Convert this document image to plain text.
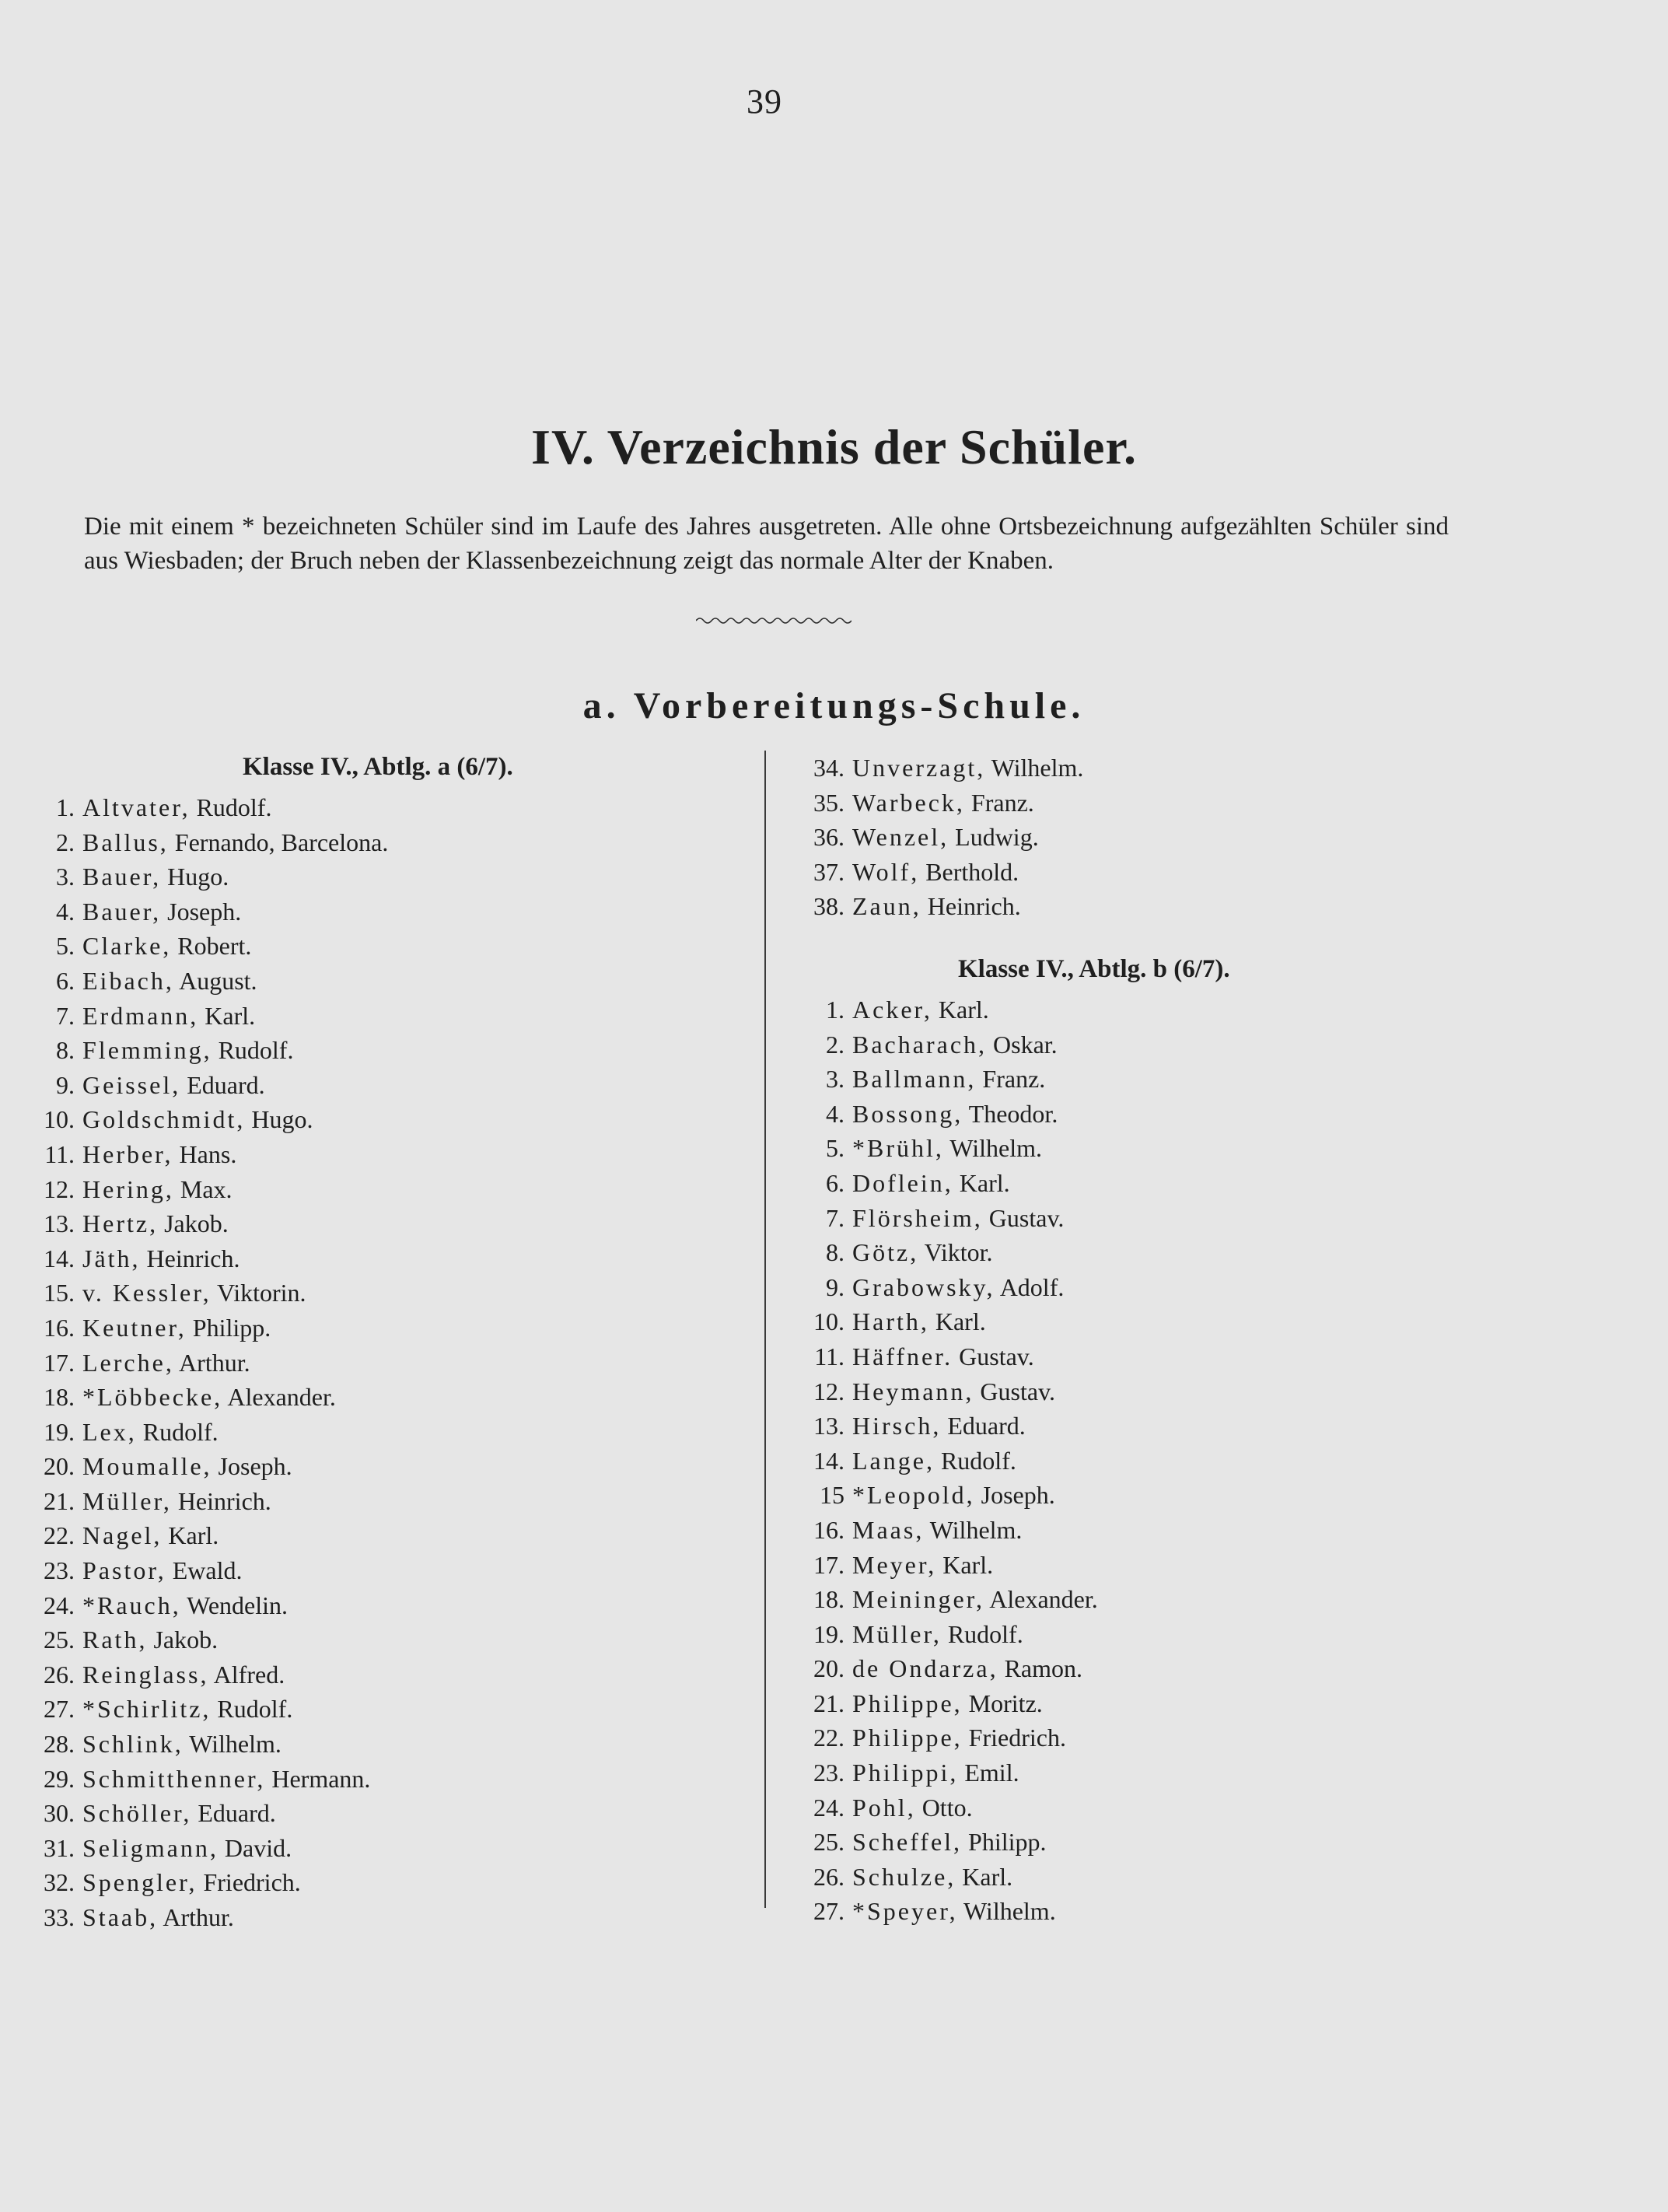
39
IV. Verzeichnis der Schüler.

Die mit einem * bezeichneten Schüler sind im Laufe des Jahres ausgetreten. Alle ohne Ortsbezeichnung aufgezählten Schüler sind aus Wiesbaden; der Bruch neben der Klassenbezeichnung zeigt das normale Alter der Knaben.

a. Vorbereitungs-Schule.
Klasse IV., Abtlg. a (6/7).
1. Altvater, Rudolf.
2. Ballus, Fernando, Barcelona.
3. Bauer, Hugo.
4. Bauer, Joseph.
5. Clarke, Robert.
6. Eibach, August.
7. Erdmann, Karl.
8. Flemming, Rudolf.
9. Geissel, Eduard.
10. Goldschmidt, Hugo.
11. Herber, Hans.
12. Hering, Max.
13. Hertz, Jakob.
14. Jäth, Heinrich.
15. v. Kessler, Viktorin.
16. Keutner, Philipp.
17. Lerche, Arthur.
18. *Löbbecke, Alexander.
19. Lex, Rudolf.
20. Moumalle, Joseph.
21. Müller, Heinrich.
22. Nagel, Karl.
23. Pastor, Ewald.
24. *Rauch, Wendelin.
25. Rath, Jakob.
26. Reinglass, Alfred.
27. *Schirlitz, Rudolf.
28. Schlink, Wilhelm.
29. Schmitthenner, Hermann.
30. Schöller, Eduard.
31. Seligmann, David.
32. Spengler, Friedrich.
33. Staab, Arthur.
34. Unverzagt, Wilhelm.
35. Warbeck, Franz.
36. Wenzel, Ludwig.
37. Wolf, Berthold.
38. Zaun, Heinrich.
Klasse IV., Abtlg. b (6/7).
1. Acker, Karl.
2. Bacharach, Oskar.
3. Ballmann, Franz.
4. Bossong, Theodor.
5. *Brühl, Wilhelm.
6. Doflein, Karl.
7. Flörsheim, Gustav.
8. Götz, Viktor.
9. Grabowsky, Adolf.
10. Harth, Karl.
11. Häffner. Gustav.
12. Heymann, Gustav.
13. Hirsch, Eduard.
14. Lange, Rudolf.
15 *Leopold, Joseph.
16. Maas, Wilhelm.
17. Meyer, Karl.
18. Meininger, Alexander.
19. Müller, Rudolf.
20. de Ondarza, Ramon.
21. Philippe, Moritz.
22. Philippe, Friedrich.
23. Philippi, Emil.
24. Pohl, Otto.
25. Scheffel, Philipp.
26. Schulze, Karl.
27. *Speyer, Wilhelm.
